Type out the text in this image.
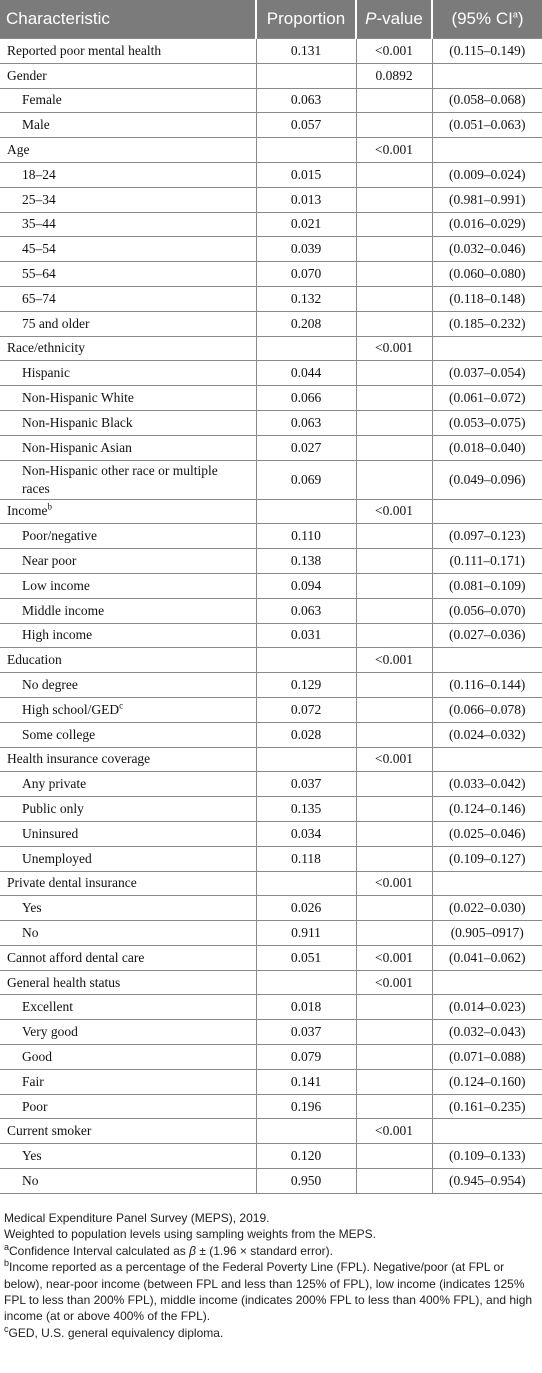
Characteristic	Proportion	P-value	(95% $CI^a$)
Reported poor mental health	0.131	<0.001	(0.115–0.149)
Gender		0.0892	
Female	0.063		(0.058–0.068)
Male	0.057		(0.051–0.063)
Age		<0.001	
18–24	0.015		(0.009–0.024)
25–34	0.013		(0.981–0.991)
35–44	0.021		(0.016–0.029)
45–54	0.039		(0.032–0.046)
55–64	0.070		(0.060–0.080)
65–74	0.132		(0.118–0.148)
75 and older	0.208		(0.185–0.232)
Race/ethnicity		<0.001	
Hispanic	0.044		(0.037–0.054)
Non-Hispanic White	0.066		(0.061–0.072)
Non-Hispanic Black	0.063		(0.053–0.075)
Non-Hispanic Asian	0.027		(0.018–0.040)
Non-Hispanic other race or multiple races	0.069		(0.049–0.096)
Income$^b$		<0.001	
Poor/negative	0.110		(0.097–0.123)
Near poor	0.138		(0.111–0.171)
Low income	0.094		(0.081–0.109)
Middle income	0.063		(0.056–0.070)
High income	0.031		(0.027–0.036)
Education		<0.001	
No degree	0.129		(0.116–0.144)
High school/GED$^c$	0.072		(0.066–0.078)
Some college	0.028		(0.024–0.032)
Health insurance coverage		<0.001	
Any private	0.037		(0.033–0.042)
Public only	0.135		(0.124–0.146)
Uninsured	0.034		(0.025–0.046)
Unemployed	0.118		(0.109–0.127)
Private dental insurance		<0.001	
Yes	0.026		(0.022–0.030)
No	0.911		(0.905–0917)
Cannot afford dental care	0.051	<0.001	(0.041–0.062)
General health status		<0.001	
Excellent	0.018		(0.014–0.023)
Very good	0.037		(0.032–0.043)
Good	0.079		(0.071–0.088)
Fair	0.141		(0.124–0.160)
Poor	0.196		(0.161–0.235)
Current smoker		<0.001	
Yes	0.120		(0.109–0.133)
No	0.950		(0.945–0.954)

Medical Expenditure Panel Survey (MEPS), 2019.

Weighted to population levels using sampling weights from the MEPS.

$^a$Confidence Interval calculated as β ± (1.96 × standard error).

$^b$Income reported as a percentage of the Federal Poverty Line (FPL). Negative/poor (at FPL or below), near-poor income (between FPL and less than 125% of FPL), low income (indicates 125% FPL to less than 200% FPL), middle income (indicates 200% FPL to less than 400% FPL), and high income (at or above 400% of the FPL).

$^c$GED, U.S. general equivalency diploma.
